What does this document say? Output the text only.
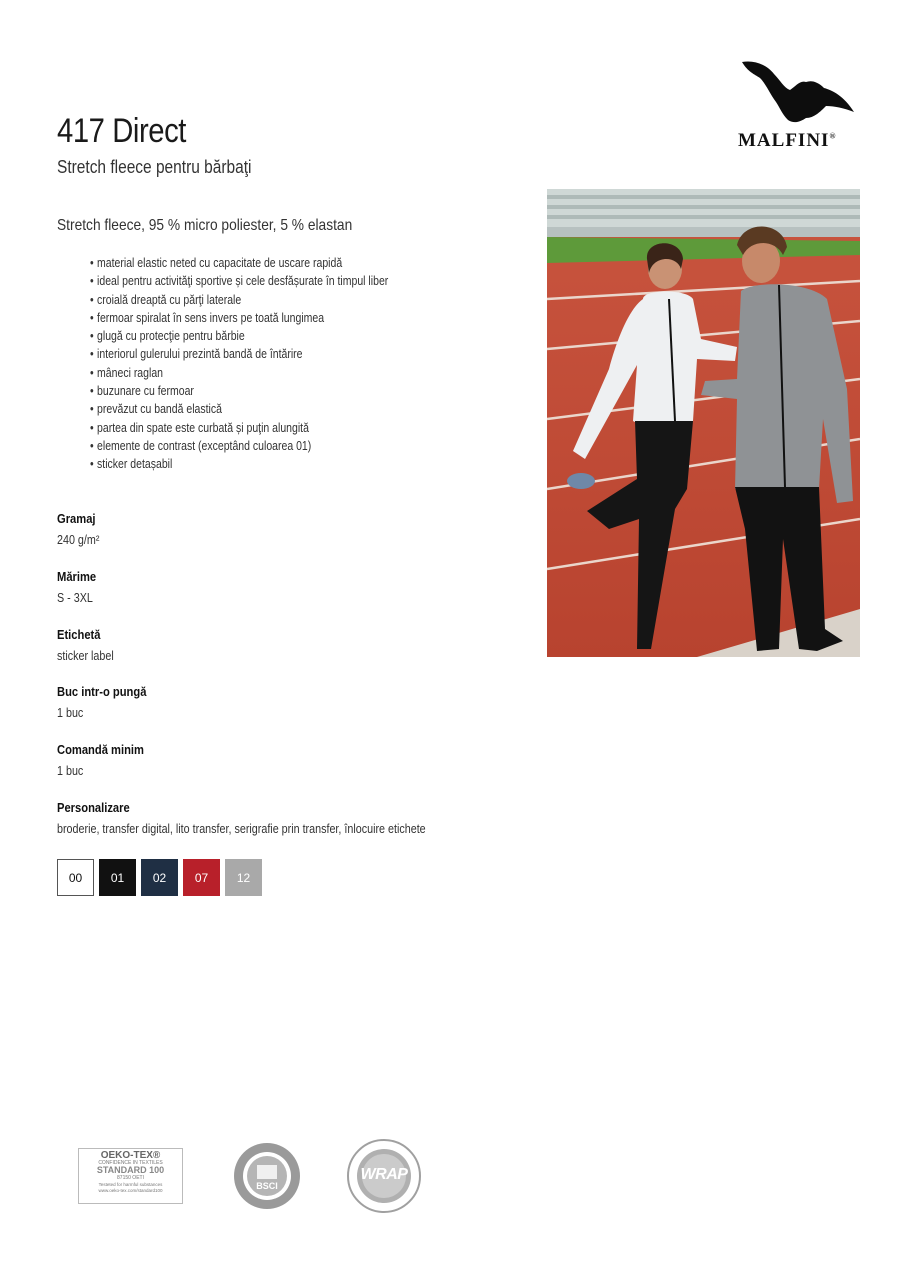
MALFINI®
417 Direct
Stretch fleece pentru bărbaţi
Stretch fleece, 95 % micro poliester, 5 % elastan
• material elastic neted cu capacitate de uscare rapidă
• ideal pentru activităţi sportive și cele desfășurate în timpul liber
• croială dreaptă cu părţi laterale
• fermoar spiralat în sens invers pe toată lungimea
• glugă cu protecţie pentru bărbie
• interiorul gulerului prezintă bandă de întărire
• mâneci raglan
• buzunare cu fermoar
• prevăzut cu bandă elastică
• partea din spate este curbată și puţin alungită
• elemente de contrast (exceptând culoarea 01)
• sticker detașabil
Gramaj
240 g/m²
Mărime
S - 3XL
Etichetă
sticker label
Buc intr-o pungă
1 buc
Comandă minim
1 buc
Personalizare
broderie, transfer digital, lito transfer, serigrafie prin transfer, înlocuire etichete
00 01 02 07 12
OEKO-TEX®
CONFIDENCE IN TEXTILES
STANDARD 100
87150 OETI
Testeted for harmful substances
www.oeko-tex.com/standard100	BSCI
WRAP
